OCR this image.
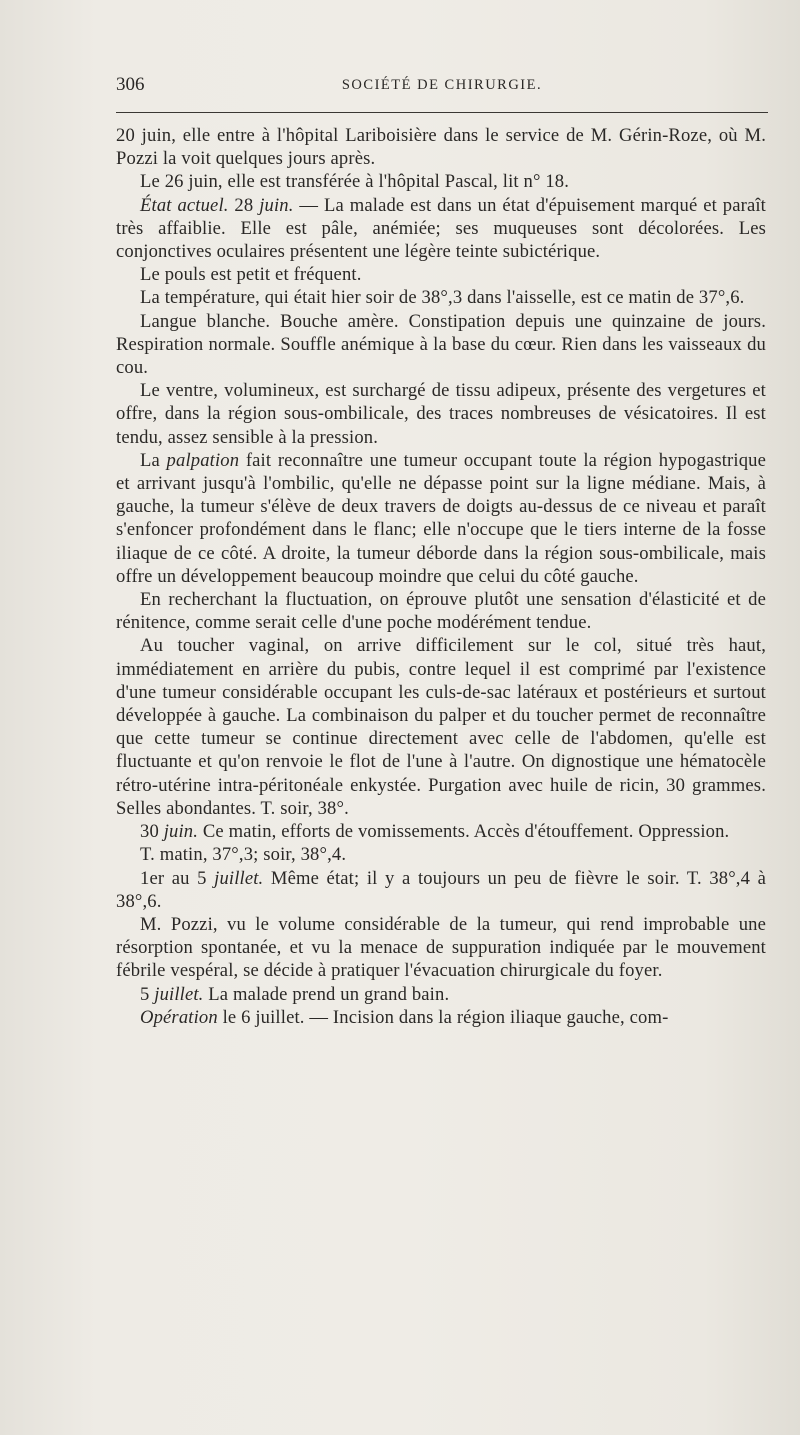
306	SOCIÉTÉ DE CHIRURGIE.

20 juin, elle entre à l'hôpital Lariboisière dans le service de M. Gérin-Roze, où M. Pozzi la voit quelques jours après.

Le 26 juin, elle est transférée à l'hôpital Pascal, lit n° 18.

État actuel. 28 juin. — La malade est dans un état d'épuisement marqué et paraît très affaiblie. Elle est pâle, anémiée; ses muqueuses sont décolorées. Les conjonctives oculaires présentent une légère teinte subictérique.

Le pouls est petit et fréquent.

La température, qui était hier soir de 38°,3 dans l'aisselle, est ce matin de 37°,6.

Langue blanche. Bouche amère. Constipation depuis une quinzaine de jours. Respiration normale. Souffle anémique à la base du cœur. Rien dans les vaisseaux du cou.

Le ventre, volumineux, est surchargé de tissu adipeux, présente des vergetures et offre, dans la région sous-ombilicale, des traces nombreuses de vésicatoires. Il est tendu, assez sensible à la pression.

La palpation fait reconnaître une tumeur occupant toute la région hypogastrique et arrivant jusqu'à l'ombilic, qu'elle ne dépasse point sur la ligne médiane. Mais, à gauche, la tumeur s'élève de deux travers de doigts au-dessus de ce niveau et paraît s'enfoncer profondément dans le flanc; elle n'occupe que le tiers interne de la fosse iliaque de ce côté. A droite, la tumeur déborde dans la région sous-ombilicale, mais offre un développement beaucoup moindre que celui du côté gauche.

En recherchant la fluctuation, on éprouve plutôt une sensation d'élasticité et de rénitence, comme serait celle d'une poche modérément tendue.

Au toucher vaginal, on arrive difficilement sur le col, situé très haut, immédiatement en arrière du pubis, contre lequel il est comprimé par l'existence d'une tumeur considérable occupant les culs-de-sac latéraux et postérieurs et surtout développée à gauche. La combinaison du palper et du toucher permet de reconnaître que cette tumeur se continue directement avec celle de l'abdomen, qu'elle est fluctuante et qu'on renvoie le flot de l'une à l'autre. On dignostique une hématocèle rétro-utérine intra-péritonéale enkystée. Purgation avec huile de ricin, 30 grammes. Selles abondantes. T. soir, 38°.

30 juin. Ce matin, efforts de vomissements. Accès d'étouffement. Oppression.

T. matin, 37°,3; soir, 38°,4.

1er au 5 juillet. Même état; il y a toujours un peu de fièvre le soir. T. 38°,4 à 38°,6.

M. Pozzi, vu le volume considérable de la tumeur, qui rend improbable une résorption spontanée, et vu la menace de suppuration indiquée par le mouvement fébrile vespéral, se décide à pratiquer l'évacuation chirurgicale du foyer.

5 juillet. La malade prend un grand bain.

Opération le 6 juillet. — Incision dans la région iliaque gauche, com-
